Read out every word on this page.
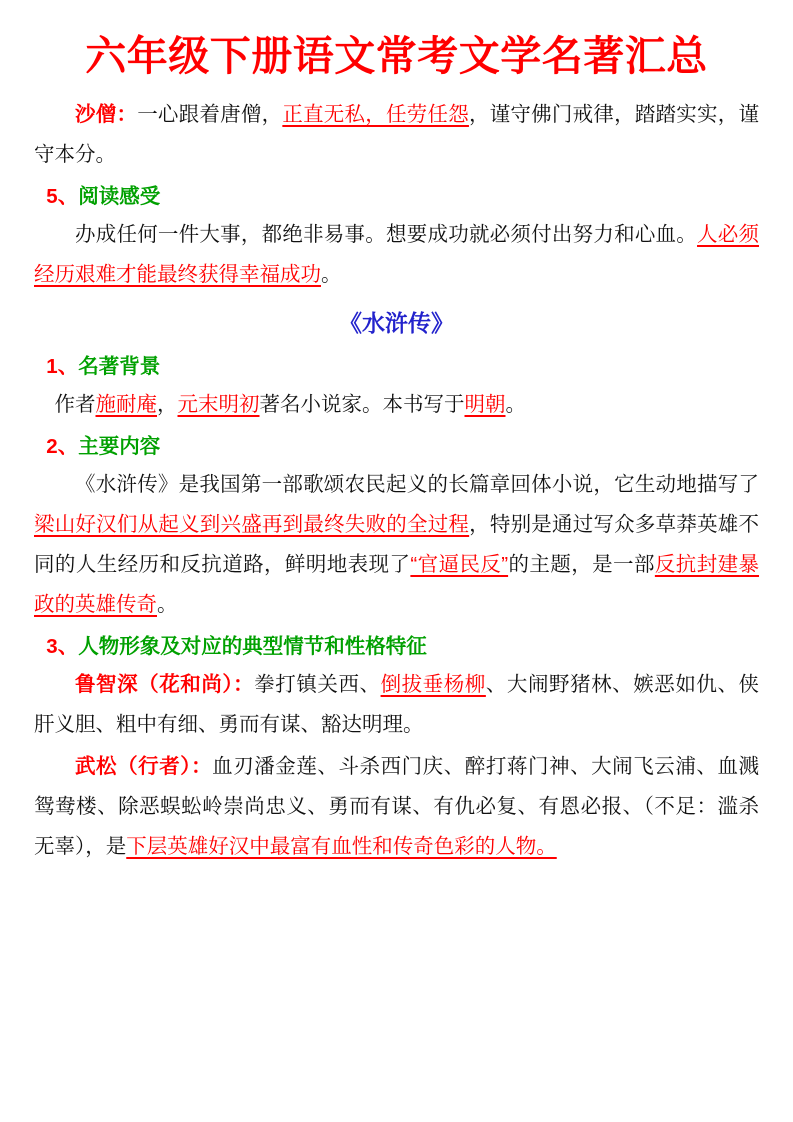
六年级下册语文常考文学名著汇总

沙僧：一心跟着唐僧，正直无私，任劳任怨，谨守佛门戒律，踏踏实实，谨守本分。

5、阅读感受

办成任何一件大事，都绝非易事。想要成功就必须付出努力和心血。人必须经历艰难才能最终获得幸福成功。

《水浒传》

1、名著背景

作者施耐庵，元末明初著名小说家。本书写于明朝。

2、主要内容

《水浒传》是我国第一部歌颂农民起义的长篇章回体小说，它生动地描写了梁山好汉们从起义到兴盛再到最终失败的全过程，特别是通过写众多草莽英雄不同的人生经历和反抗道路，鲜明地表现了“官逼民反”的主题，是一部反抗封建暴政的英雄传奇。

3、人物形象及对应的典型情节和性格特征

鲁智深（花和尚）：拳打镇关西、倒拔垂杨柳、大闹野猪林、嫉恶如仇、侠肝义胆、粗中有细、勇而有谋、豁达明理。

武松（行者）：血刃潘金莲、斗杀西门庆、醉打蒋门神、大闹飞云浦、血溅鸳鸯楼、除恶蜈蚣岭崇尚忠义、勇而有谋、有仇必复、有恩必报、（不足：滥杀无辜），是下层英雄好汉中最富有血性和传奇色彩的人物。
